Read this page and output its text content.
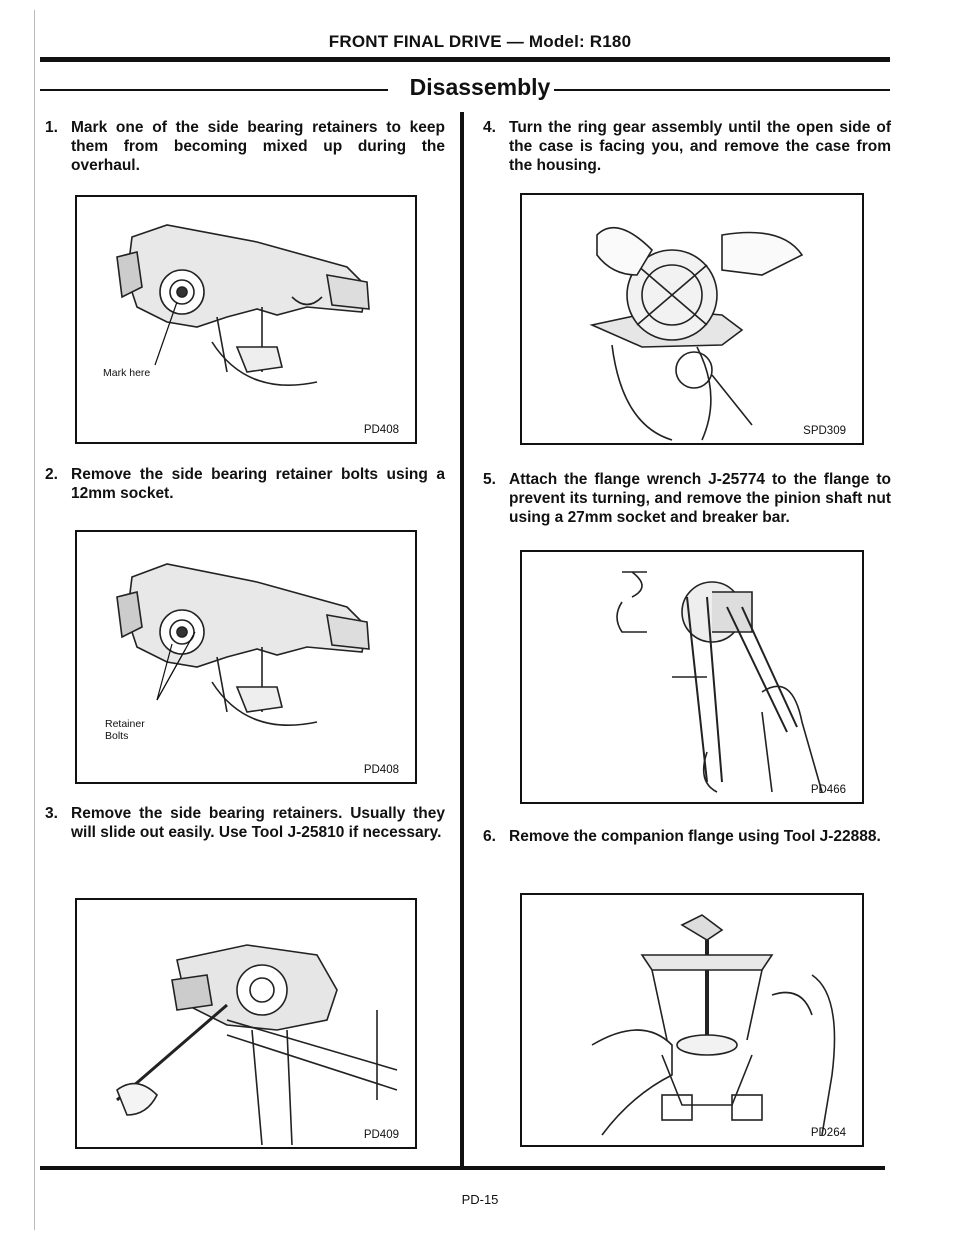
FRONT FINAL DRIVE — Model: R180
Disassembly
1. Mark one of the side bearing retainers to keep them from becoming mixed up during the overhaul.
Mark here
PD408
2. Remove the side bearing retainer bolts using a 12mm socket.
Retainer
Bolts
PD408
3. Remove the side bearing retainers. Usually they will slide out easily. Use Tool J-25810 if necessary.
PD409
4. Turn the ring gear assembly until the open side of the case is facing you, and remove the case from the housing.
SPD309
5. Attach the flange wrench J-25774 to the flange to prevent its turning, and remove the pinion shaft nut using a 27mm socket and breaker bar.
PD466
6. Remove the companion flange using Tool J-22888.
PD264
PD-15
